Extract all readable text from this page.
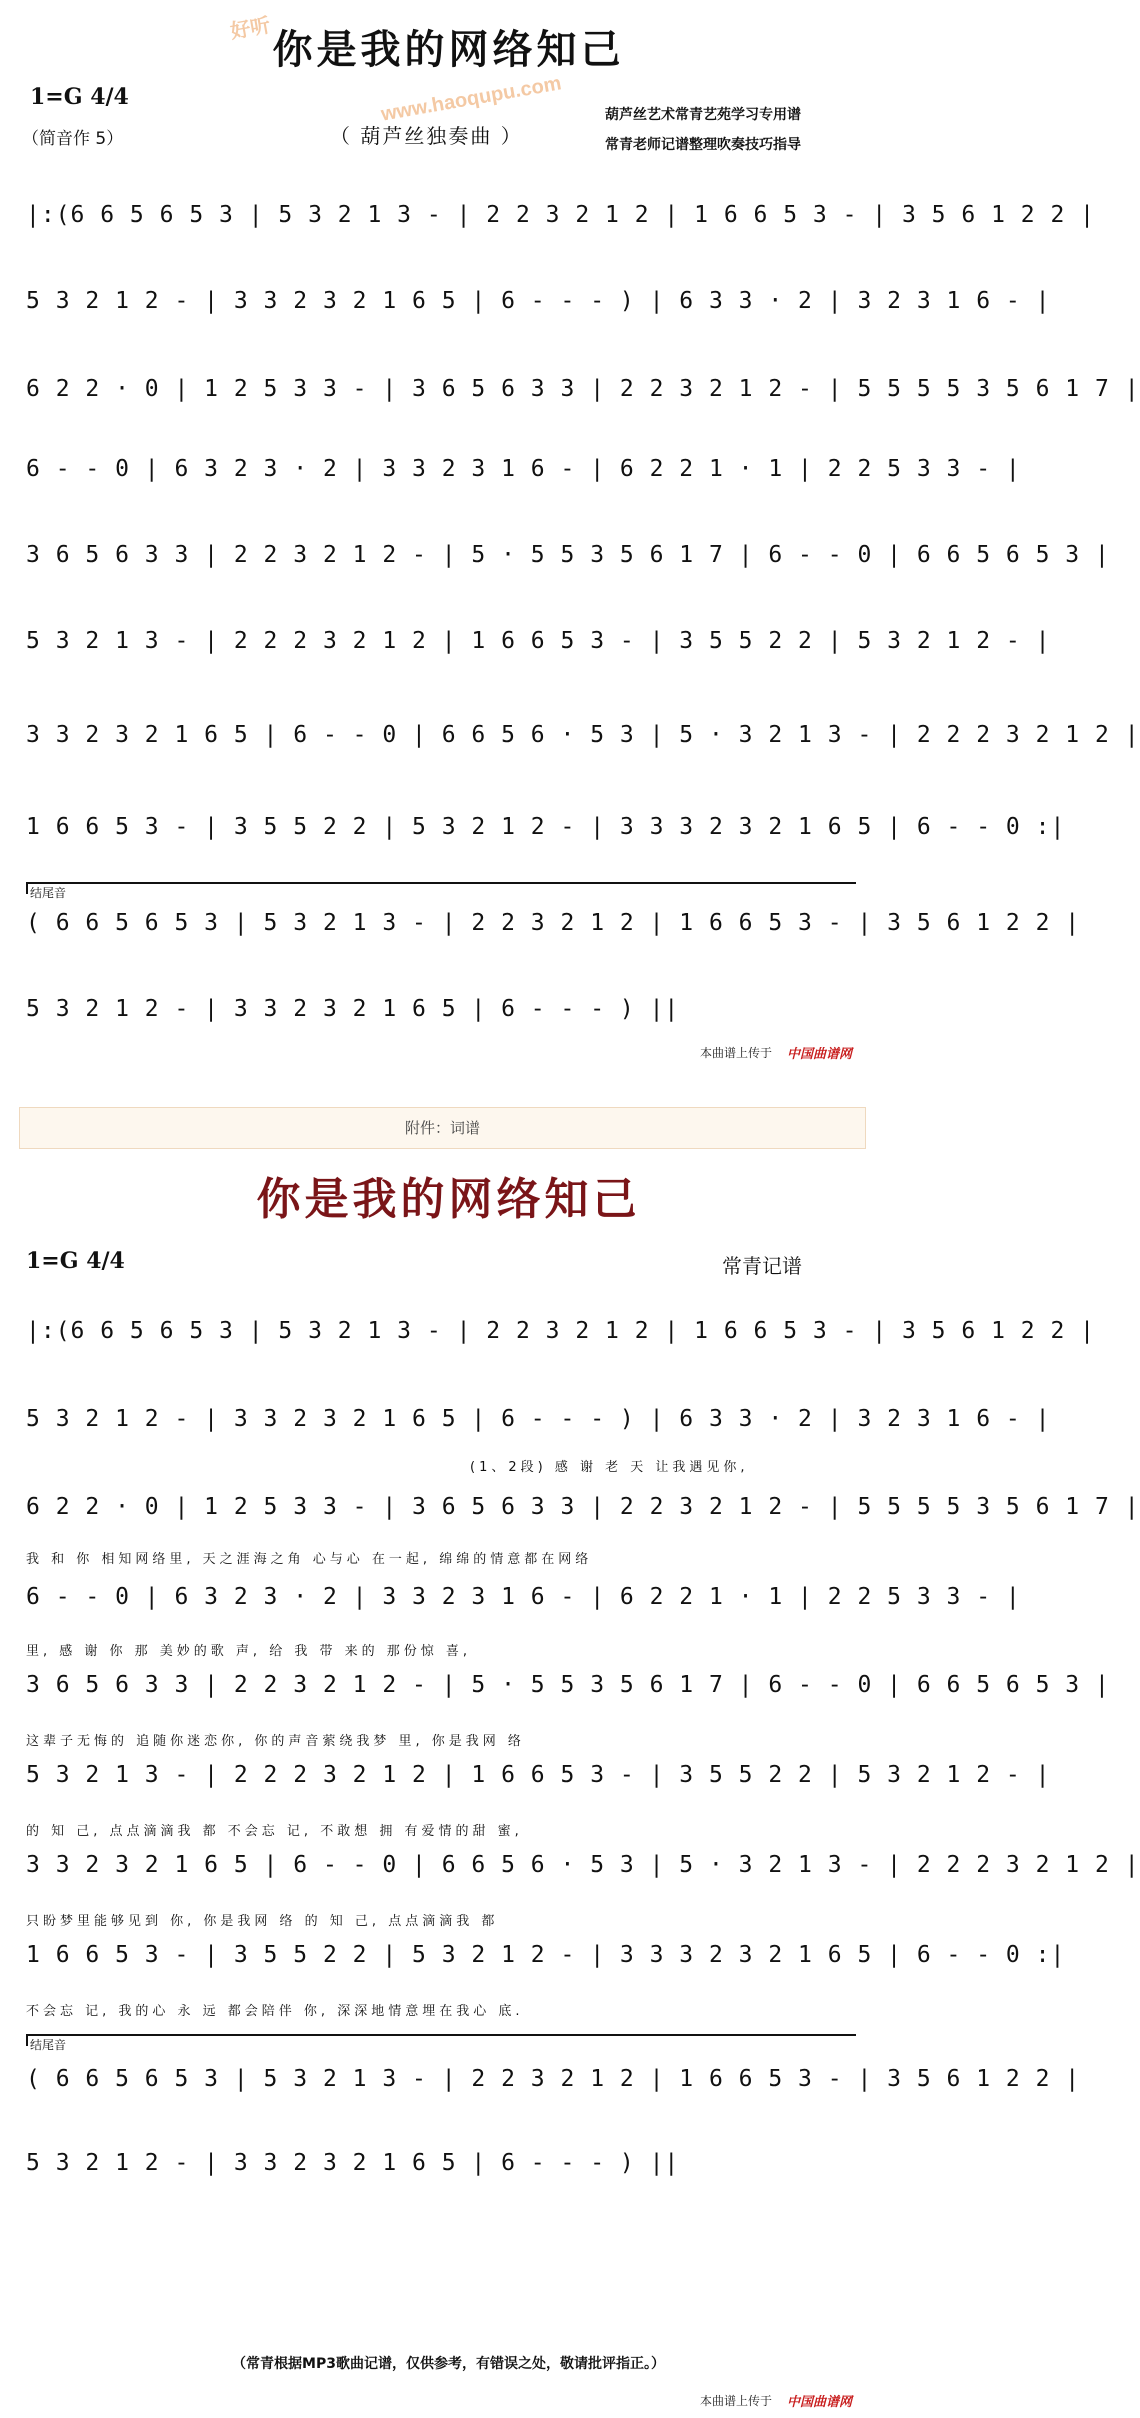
好听
www.haoqupu.com
你是我的网络知己
1=G 4/4
（简音作 5）	（ 葫芦丝独奏曲 ）
葫芦丝艺术常青艺苑学习专用谱
常青老师记谱整理吹奏技巧指导
|:(6 6 5 6 5 3 | 5 3 2 1 3 - | 2 2 3 2 1 2 | 1 6 6 5 3 - | 3 5 6 1 2 2 |
5 3 2 1 2 - | 3 3 2 3 2 1 6 5 | 6 - - - ) | 6 3 3 · 2 | 3 2 3 1 6 - |
6 2 2 · 0 | 1 2 5 3 3 - | 3 6 5 6 3 3 | 2 2 3 2 1 2 - | 5 5 5 5 3 5 6 1 7 |
6 - - 0 | 6 3 2 3 · 2 | 3 3 2 3 1 6 - | 6 2 2 1 · 1 | 2 2 5 3 3 - |
3 6 5 6 3 3 | 2 2 3 2 1 2 - | 5 · 5 5 3 5 6 1 7 | 6 - - 0 | 6 6 5 6 5 3 |
5 3 2 1 3 - | 2 2 2 3 2 1 2 | 1 6 6 5 3 - | 3 5 5 2 2 | 5 3 2 1 2 - |
3 3 2 3 2 1 6 5 | 6 - - 0 | 6 6 5 6 · 5 3 | 5 · 3 2 1 3 - | 2 2 2 3 2 1 2 |
1 6 6 5 3 - | 3 5 5 2 2 | 5 3 2 1 2 - | 3 3 3 2 3 2 1 6 5 | 6 - - 0 :|
结尾音
( 6 6 5 6 5 3 | 5 3 2 1 3 - | 2 2 3 2 1 2 | 1 6 6 5 3 - | 3 5 6 1 2 2 |
5 3 2 1 2 - | 3 3 2 3 2 1 6 5 | 6 - - - ) ||
本曲谱上传于 中国曲谱网
附件：词谱
你是我的网络知己
1=G 4/4	常青记谱
|:(6 6 5 6 5 3 | 5 3 2 1 3 - | 2 2 3 2 1 2 | 1 6 6 5 3 - | 3 5 6 1 2 2 |
5 3 2 1 2 - | 3 3 2 3 2 1 6 5 | 6 - - - ) | 6 3 3 · 2 | 3 2 3 1 6 - |
(1、2段) 感 谢 老 天 让我遇见你,
6 2 2 · 0 | 1 2 5 3 3 - | 3 6 5 6 3 3 | 2 2 3 2 1 2 - | 5 5 5 5 3 5 6 1 7 |
我 和 你 相知网络里, 天之涯海之角 心与心 在一起, 绵绵的情意都在网络
6 - - 0 | 6 3 2 3 · 2 | 3 3 2 3 1 6 - | 6 2 2 1 · 1 | 2 2 5 3 3 - |
里, 感 谢 你 那 美妙的歌 声, 给 我 带 来的 那份惊 喜,
3 6 5 6 3 3 | 2 2 3 2 1 2 - | 5 · 5 5 3 5 6 1 7 | 6 - - 0 | 6 6 5 6 5 3 |
这辈子无悔的 追随你迷恋你, 你的声音萦绕我梦 里, 你是我网 络
5 3 2 1 3 - | 2 2 2 3 2 1 2 | 1 6 6 5 3 - | 3 5 5 2 2 | 5 3 2 1 2 - |
的 知 己, 点点滴滴我 都 不会忘 记, 不敢想 拥 有爱情的甜 蜜,
3 3 2 3 2 1 6 5 | 6 - - 0 | 6 6 5 6 · 5 3 | 5 · 3 2 1 3 - | 2 2 2 3 2 1 2 |
只盼梦里能够见到 你, 你是我网 络 的 知 己, 点点滴滴我 都
1 6 6 5 3 - | 3 5 5 2 2 | 5 3 2 1 2 - | 3 3 3 2 3 2 1 6 5 | 6 - - 0 :|
不会忘 记, 我的心 永 远 都会陪伴 你, 深深地情意埋在我心 底.
结尾音
( 6 6 5 6 5 3 | 5 3 2 1 3 - | 2 2 3 2 1 2 | 1 6 6 5 3 - | 3 5 6 1 2 2 |
5 3 2 1 2 - | 3 3 2 3 2 1 6 5 | 6 - - - ) ||
（常青根据MP3歌曲记谱，仅供参考，有错误之处，敬请批评指正。）
本曲谱上传于 中国曲谱网
